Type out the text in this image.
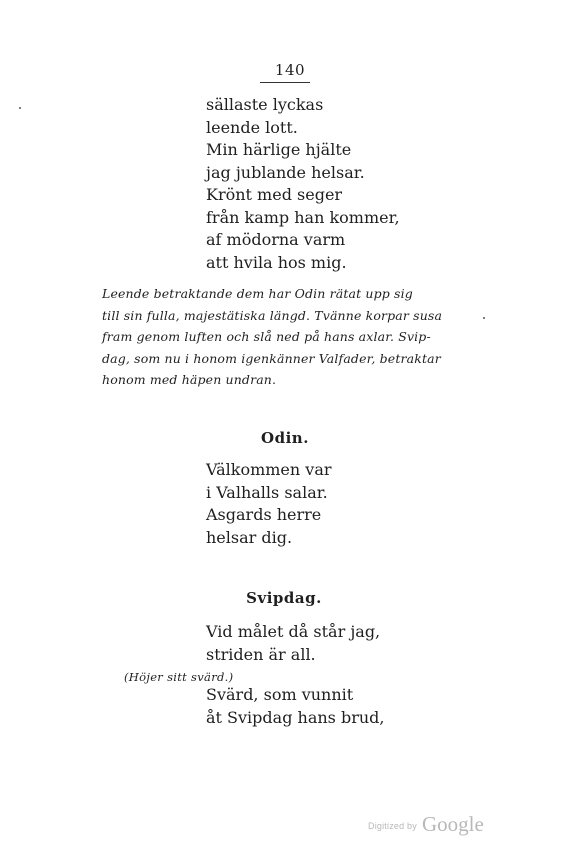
140
sällaste lyckas
leende lott.
Min härlige hjälte
jag jublande helsar.
Krönt med seger
från kamp han kommer,
af mödorna varm
att hvila hos mig.
Leende betraktande dem har Odin rätat upp sig
till sin fulla, majestätiska längd. Tvänne korpar susa
fram genom luften och slå ned på hans axlar. Svip-
dag, som nu i honom igenkänner Valfader, betraktar
honom med häpen undran.
Odin.
Välkommen var
i Valhalls salar.
Asgards herre
helsar dig.
Svipdag.
Vid målet då står jag,
striden är all.
(Höjer sitt svärd.)
Svärd, som vunnit
åt Svipdag hans brud,
Digitized by Google
